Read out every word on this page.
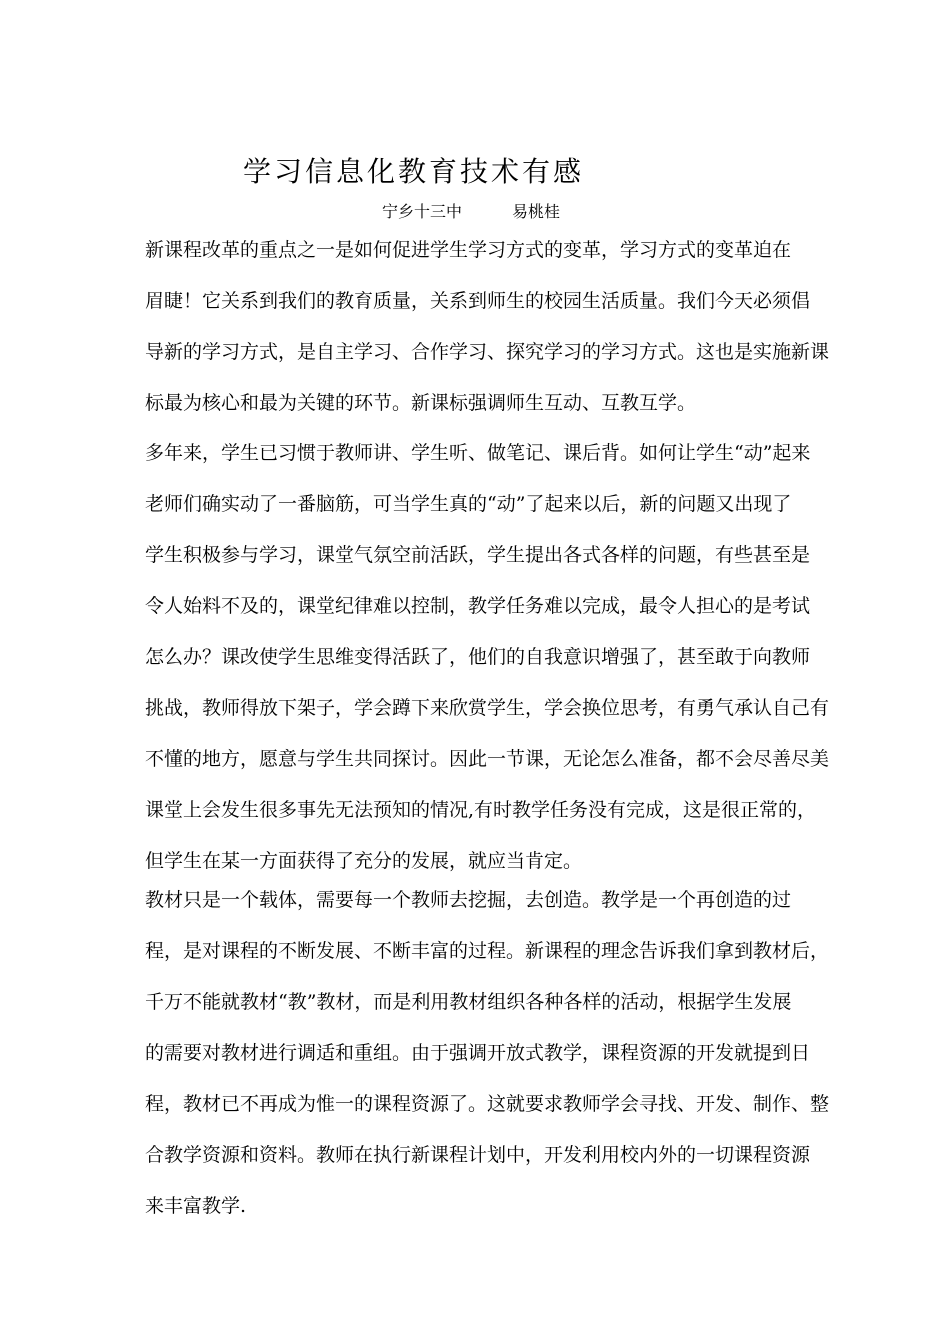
学习信息化教育技术有感
宁乡十三中	易桃桂
新课程改革的重点之一是如何促进学生学习方式的变革，学习方式的变革迫在
眉睫！它关系到我们的教育质量，关系到师生的校园生活质量。我们今天必须倡
导新的学习方式，是自主学习、合作学习、探究学习的学习方式。这也是实施新课
标最为核心和最为关键的环节。新课标强调师生互动、互教互学。
多年来，学生已习惯于教师讲、学生听、做笔记、课后背。如何让学生“动”起来
老师们确实动了一番脑筋，可当学生真的“动”了起来以后，新的问题又出现了
学生积极参与学习，课堂气氛空前活跃，学生提出各式各样的问题，有些甚至是
令人始料不及的，课堂纪律难以控制，教学任务难以完成，最令人担心的是考试
怎么办？课改使学生思维变得活跃了，他们的自我意识增强了，甚至敢于向教师
挑战，教师得放下架子，学会蹲下来欣赏学生，学会换位思考，有勇气承认自己有
不懂的地方，愿意与学生共同探讨。因此一节课，无论怎么准备，都不会尽善尽美
课堂上会发生很多事先无法预知的情况,有时教学任务没有完成，这是很正常的，
但学生在某一方面获得了充分的发展，就应当肯定。
教材只是一个载体，需要每一个教师去挖掘，去创造。教学是一个再创造的过
程，是对课程的不断发展、不断丰富的过程。新课程的理念告诉我们拿到教材后，
千万不能就教材“教”教材，而是利用教材组织各种各样的活动，根据学生发展
的需要对教材进行调适和重组。由于强调开放式教学，课程资源的开发就提到日
程，教材已不再成为惟一的课程资源了。这就要求教师学会寻找、开发、制作、整
合教学资源和资料。教师在执行新课程计划中，开发利用校内外的一切课程资源
来丰富教学.
